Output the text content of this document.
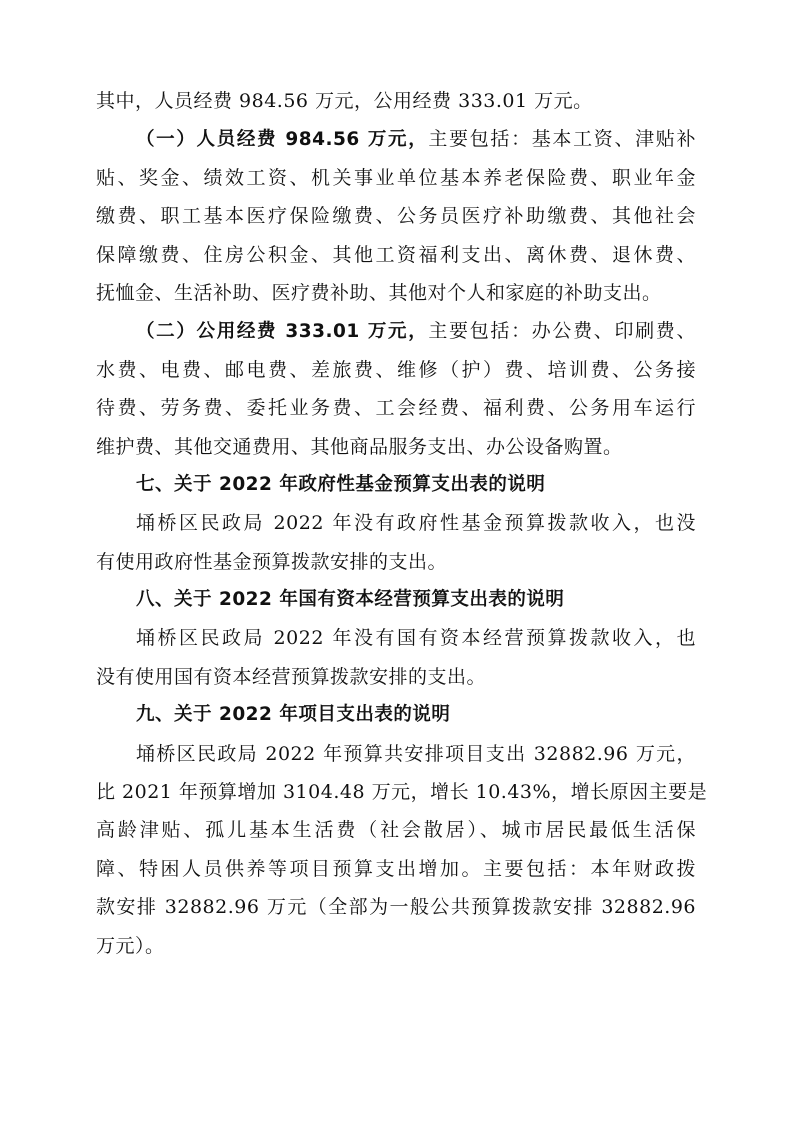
其中，人员经费 984.56 万元，公用经费 333.01 万元。
（一）人员经费 984.56 万元，主要包括：基本工资、津贴补
贴、奖金、绩效工资、机关事业单位基本养老保险费、职业年金
缴费、职工基本医疗保险缴费、公务员医疗补助缴费、其他社会
保障缴费、住房公积金、其他工资福利支出、离休费、退休费、
抚恤金、生活补助、医疗费补助、其他对个人和家庭的补助支出。
（二）公用经费 333.01 万元，主要包括：办公费、印刷费、
水费、电费、邮电费、差旅费、维修（护）费、培训费、公务接
待费、劳务费、委托业务费、工会经费、福利费、公务用车运行
维护费、其他交通费用、其他商品服务支出、办公设备购置。
七、关于 2022 年政府性基金预算支出表的说明
埇桥区民政局 2022 年没有政府性基金预算拨款收入，也没
有使用政府性基金预算拨款安排的支出。
八、关于 2022 年国有资本经营预算支出表的说明
埇桥区民政局 2022 年没有国有资本经营预算拨款收入，也
没有使用国有资本经营预算拨款安排的支出。
九、关于 2022 年项目支出表的说明
埇桥区民政局 2022 年预算共安排项目支出 32882.96 万元，
比 2021 年预算增加 3104.48 万元，增长 10.43%，增长原因主要是
高龄津贴、孤儿基本生活费（社会散居）、城市居民最低生活保
障、特困人员供养等项目预算支出增加。主要包括：本年财政拨
款安排 32882.96 万元（全部为一般公共预算拨款安排 32882.96
万元）。
